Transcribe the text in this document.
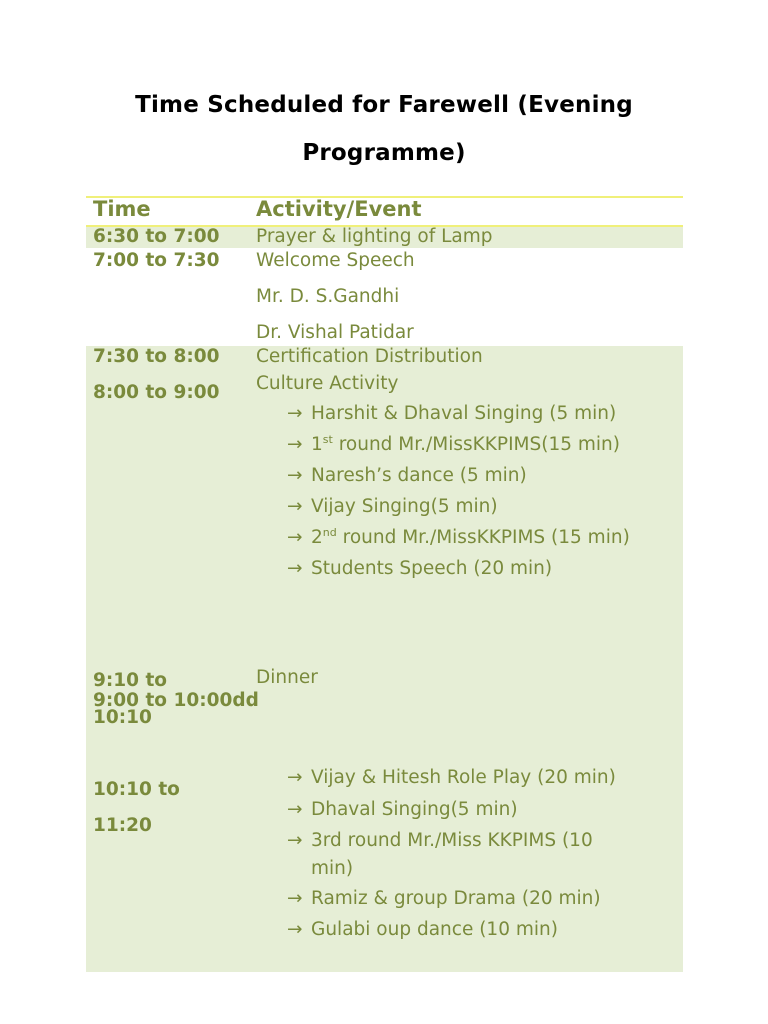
Time Scheduled for Farewell (Evening
Programme)
Time	Activity/Event
6:30 to 7:00 Prayer & lighting of Lamp
7:00 to 7:30 Welcome Speech
Mr. D. S.Gandhi
Dr. Vishal Patidar
7:30 to 8:00 Certification Distribution
8:00 to 9:00 Culture Activity
→ Harshit & Dhaval Singing (5 min)
→ 1st round Mr./MissKKPIMS(15 min)
→ Naresh’s dance (5 min)
→ Vijay Singing(5 min)
→ 2nd round Mr./MissKKPIMS (15 min)
→ Students Speech (20 min)
9:10 to
9:00 to 10:00dd
10:10
Dinner
10:10 to
11:20
→ Vijay & Hitesh Role Play (20 min)
→ Dhaval Singing(5 min)
→ 3rd round Mr./Miss KKPIMS (10
min)
→ Ramiz & group Drama (20 min)
→ Gulabi oup dance (10 min)
